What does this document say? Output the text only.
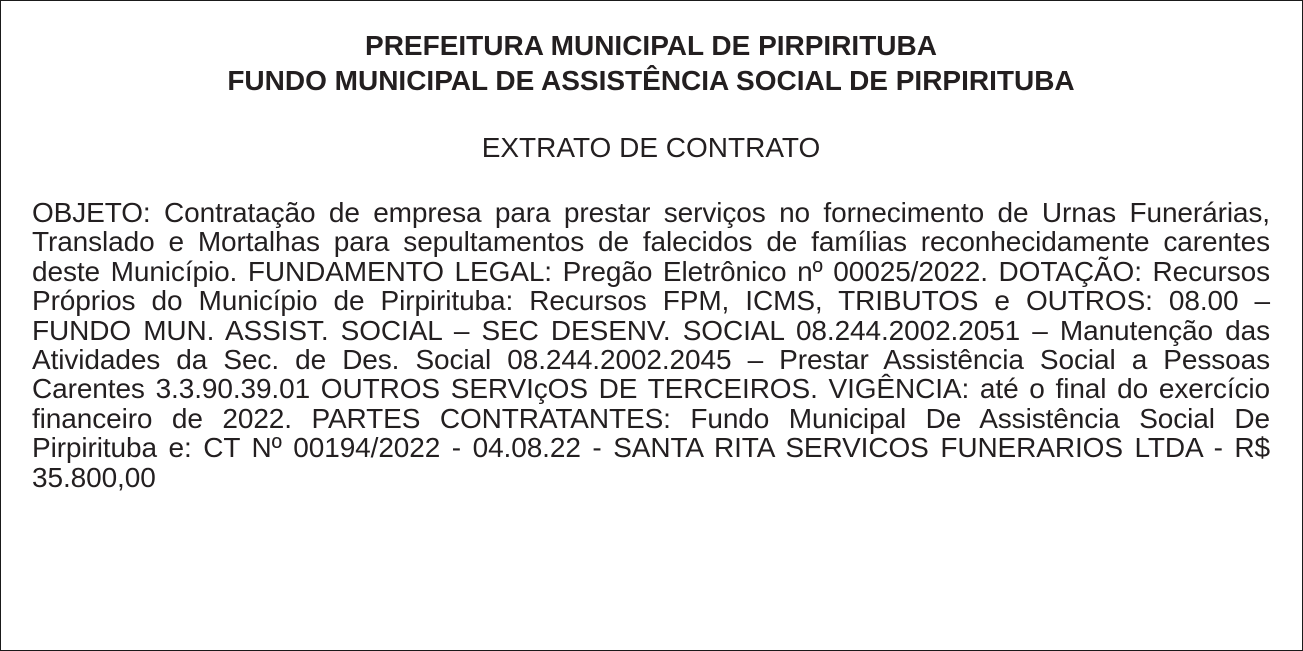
PREFEITURA MUNICIPAL DE PIRPIRITUBA

FUNDO MUNICIPAL DE ASSISTÊNCIA SOCIAL DE PIRPIRITUBA

EXTRATO DE CONTRATO

OBJETO: Contratação de empresa para prestar serviços no fornecimento de Urnas Funerárias, Translado e Mortalhas para sepultamentos de falecidos de famílias reconhecidamente carentes deste Município. FUNDAMENTO LEGAL: Pregão Eletrônico nº 00025/2022. DOTAÇÃO: Recursos Próprios do Município de Pirpirituba: Recursos FPM, ICMS, TRIBUTOS e OUTROS: 08.00 – FUNDO MUN. ASSIST. SOCIAL – SEC DESENV. SOCIAL 08.244.2002.2051 – Manutenção das Atividades da Sec. de Des. Social 08.244.2002.2045 – Prestar Assistência Social a Pessoas Carentes 3.3.90.39.01 OUTROS SERVIçOS DE TERCEIROS. VIGÊNCIA: até o final do exercício financeiro de 2022. PARTES CONTRATANTES: Fundo Municipal De Assistência Social De Pirpirituba e: CT Nº 00194/2022 - 04.08.22 - SANTA RITA SERVICOS FUNERARIOS LTDA - R$ 35.800,00
